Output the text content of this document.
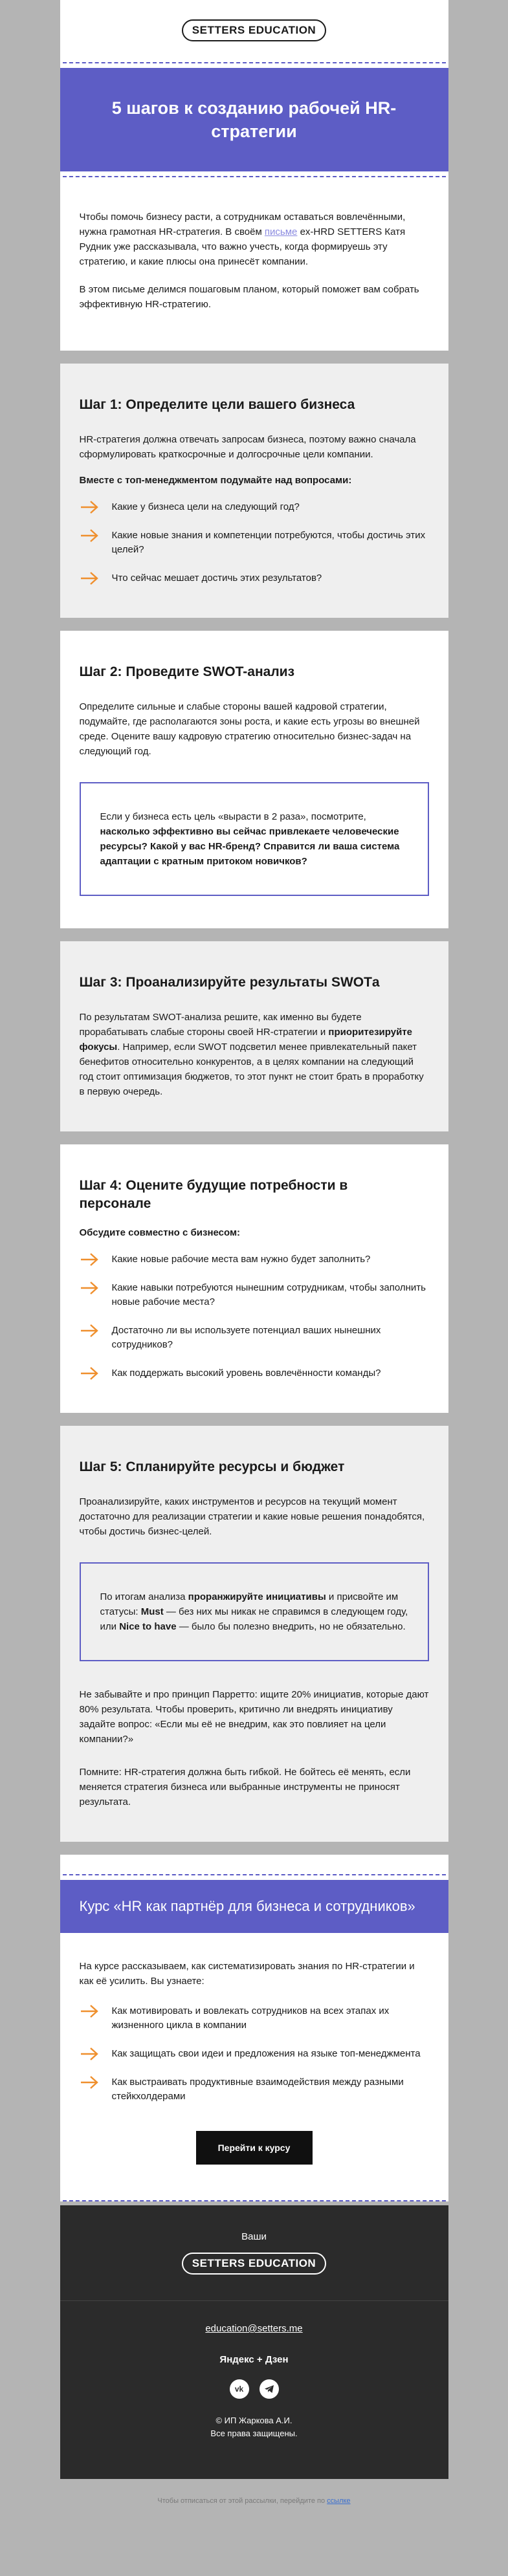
SETTERS EDUCATION
5 шагов к созданию рабочей HR-стратегии

Чтобы помочь бизнесу расти, а сотрудникам оставаться вовлечёнными, нужна грамотная HR-стратегия. В своём письме ex-HRD SETTERS Катя Рудник уже рассказывала, что важно учесть, когда формируешь эту стратегию, и какие плюсы она принесёт компании.

В этом письме делимся пошаговым планом, который поможет вам собрать эффективную HR-стратегию.

Шаг 1: Определите цели вашего бизнеса

HR-стратегия должна отвечать запросам бизнеса, поэтому важно сначала сформулировать краткосрочные и долгосрочные цели компании.

Вместе с топ-менеджментом подумайте над вопросами:
Какие у бизнеса цели на следующий год?
Какие новые знания и компетенции потребуются, чтобы достичь этих целей?
Что сейчас мешает достичь этих результатов?
Шаг 2: Проведите SWOT-анализ

Определите сильные и слабые стороны вашей кадровой стратегии, подумайте, где располагаются зоны роста, и какие есть угрозы во внешней среде. Оцените вашу кадровую стратегию относительно бизнес-задач на следующий год.

Если у бизнеса есть цель «вырасти в 2 раза», посмотрите, насколько эффективно вы сейчас привлекаете человеческие ресурсы? Какой у вас HR-бренд? Справится ли ваша система адаптации с кратным притоком новичков?
Шаг 3: Проанализируйте результаты SWOTа

По результатам SWOT-анализа решите, как именно вы будете прорабатывать слабые стороны своей HR-стратегии и приоритезируйте фокусы. Например, если SWOT подсветил менее привлекательный пакет бенефитов относительно конкурентов, а в целях компании на следующий год стоит оптимизация бюджетов, то этот пункт не стоит брать в проработку в первую очередь.

Шаг 4: Оцените будущие потребности в персонале
Обсудите совместно с бизнесом:
Какие новые рабочие места вам нужно будет заполнить?
Какие навыки потребуются нынешним сотрудникам, чтобы заполнить новые рабочие места?
Достаточно ли вы используете потенциал ваших нынешних сотрудников?
Как поддержать высокий уровень вовлечённости команды?
Шаг 5: Спланируйте ресурсы и бюджет

Проанализируйте, каких инструментов и ресурсов на текущий момент достаточно для реализации стратегии и какие новые решения понадобятся, чтобы достичь бизнес-целей.

По итогам анализа проранжируйте инициативы и присвойте им статусы: Must — без них мы никак не справимся в следующем году, или Nice to have — было бы полезно внедрить, но не обязательно.

Не забывайте и про принцип Парретто: ищите 20% инициатив, которые дают 80% результата. Чтобы проверить, критично ли внедрять инициативу задайте вопрос: «Если мы её не внедрим, как это повлияет на цели компании?»

Помните: HR-стратегия должна быть гибкой. Не бойтесь её менять, если меняется стратегия бизнеса или выбранные инструменты не приносят результата.

Курс «HR как партнёр для бизнеса и сотрудников»

На курсе рассказываем, как систематизировать знания по HR-стратегии и как её усилить. Вы узнаете:

Как мотивировать и вовлекать сотрудников на всех этапах их жизненного цикла в компании
Как защищать свои идеи и предложения на языке топ-менеджмента
Как выстраивать продуктивные взаимодействия между разными стейкхолдерами
Перейти к курсу
Ваши
SETTERS EDUCATION
education@setters.me
Яндекс + Дзен
vk
© ИП Жаркова А.И.
Все права защищены.
Чтобы отписаться от этой рассылки, перейдите по ссылке
